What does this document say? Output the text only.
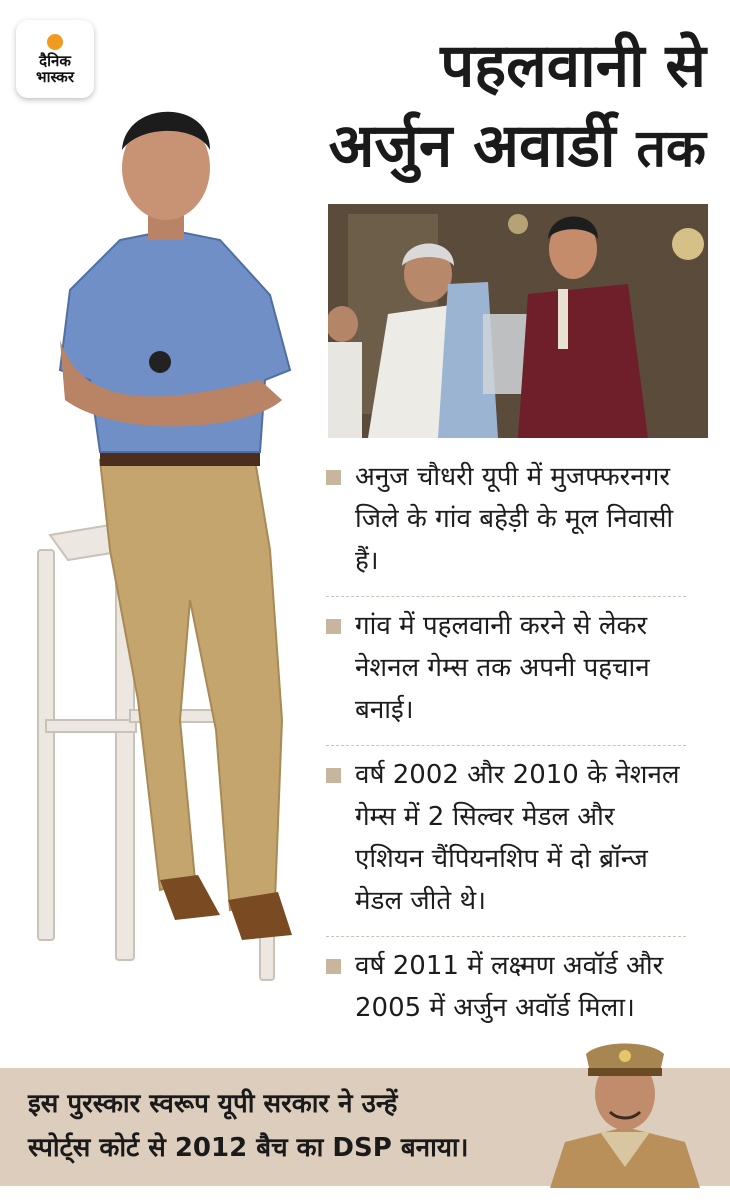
दैनिक
भास्कर	पहलवानी से
अर्जुन अवार्डी तक
अनुज चौधरी यूपी में मुजफ्फरनगर जिले के गांव बहेड़ी के मूल निवासी हैं।
गांव में पहलवानी करने से लेकर नेशनल गेम्स तक अपनी पहचान बनाई।
वर्ष 2002 और 2010 के नेशनल गेम्स में 2 सिल्वर मेडल और एशियन चैंपियनशिप में दो ब्रॉन्ज मेडल जीते थे।
वर्ष 2011 में लक्ष्मण अवॉर्ड और 2005 में अर्जुन अवॉर्ड मिला।
इस पुरस्कार स्वरूप यूपी सरकार ने उन्हें
स्पोर्ट्स कोर्ट से 2012 बैच का DSP बनाया।
